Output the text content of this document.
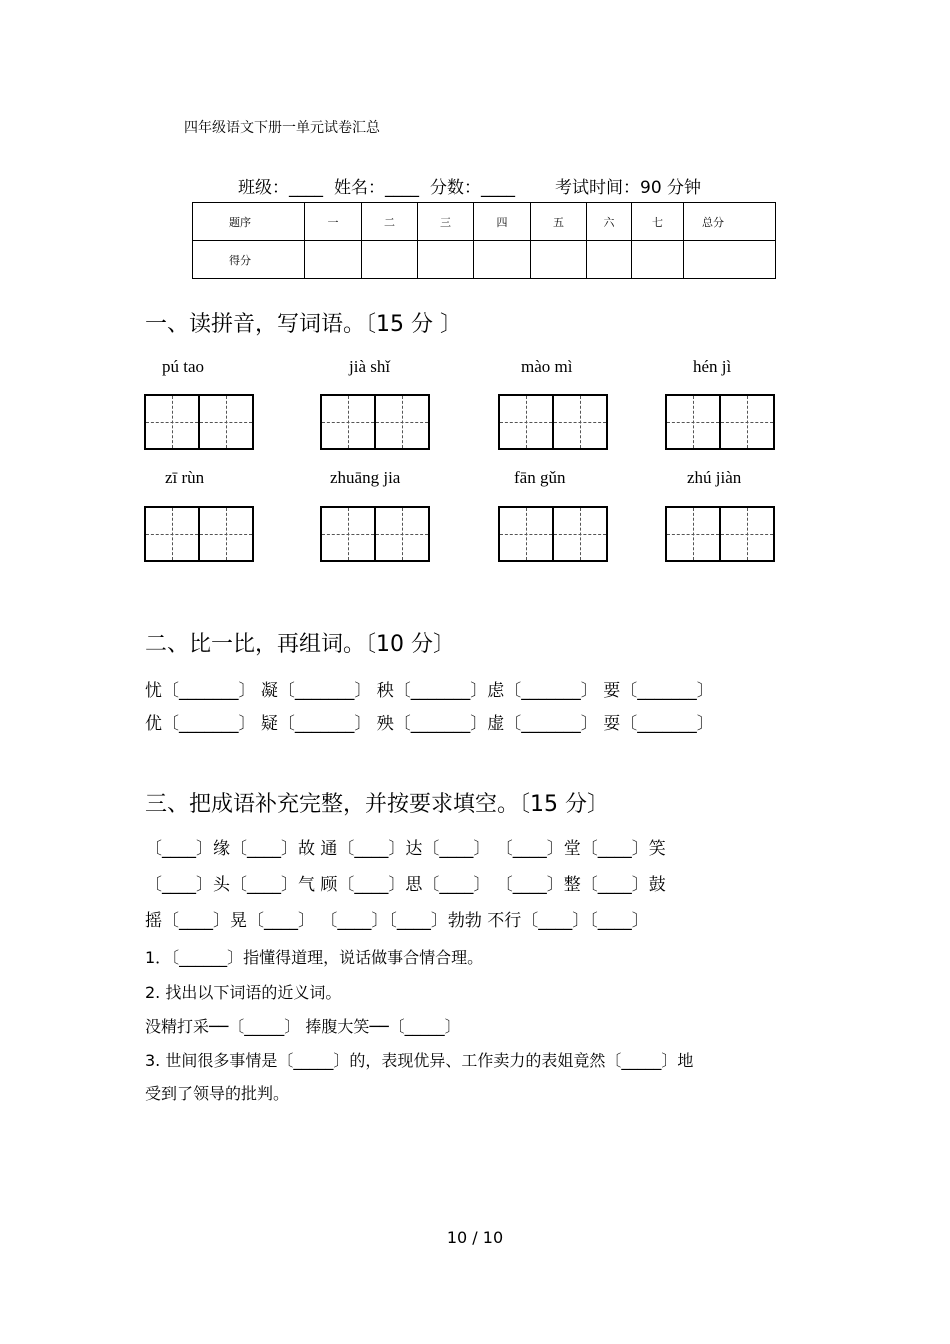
四年级语文下册一单元试卷汇总
班级：____ 姓名：____ 分数：____ 考试时间：90 分钟
题序	一	二	三	四	五	六	七	总分
得分								
一、读拼音，写词语。〔15 分 〕
pú tao	jià shǐ	mào mì	hén jì
zī rùn	zhuāng jia	fān gǔn	zhú jiàn
二、比一比，再组词。〔10 分〕
忧〔_______〕 凝〔_______〕 秧〔_______〕虑〔_______〕 要〔_______〕
优〔_______〕 疑〔_______〕 殃〔_______〕虚〔_______〕 耍〔_______〕
三、把成语补充完整，并按要求填空。〔15 分〕
〔____〕缘〔____〕故 通〔____〕达〔____〕 〔____〕堂〔____〕笑
〔____〕头〔____〕气 顾〔____〕思〔____〕 〔____〕整〔____〕鼓
摇〔____〕晃〔____〕 〔____〕〔____〕勃勃 不行〔____〕〔____〕
1．〔______〕指懂得道理，说话做事合情合理。
2. 找出以下词语的近义词。
没精打采──〔_____〕 捧腹大笑──〔_____〕
3. 世间很多事情是〔_____〕的，表现优异、工作卖力的表姐竟然〔_____〕地
受到了领导的批判。
10 / 10
